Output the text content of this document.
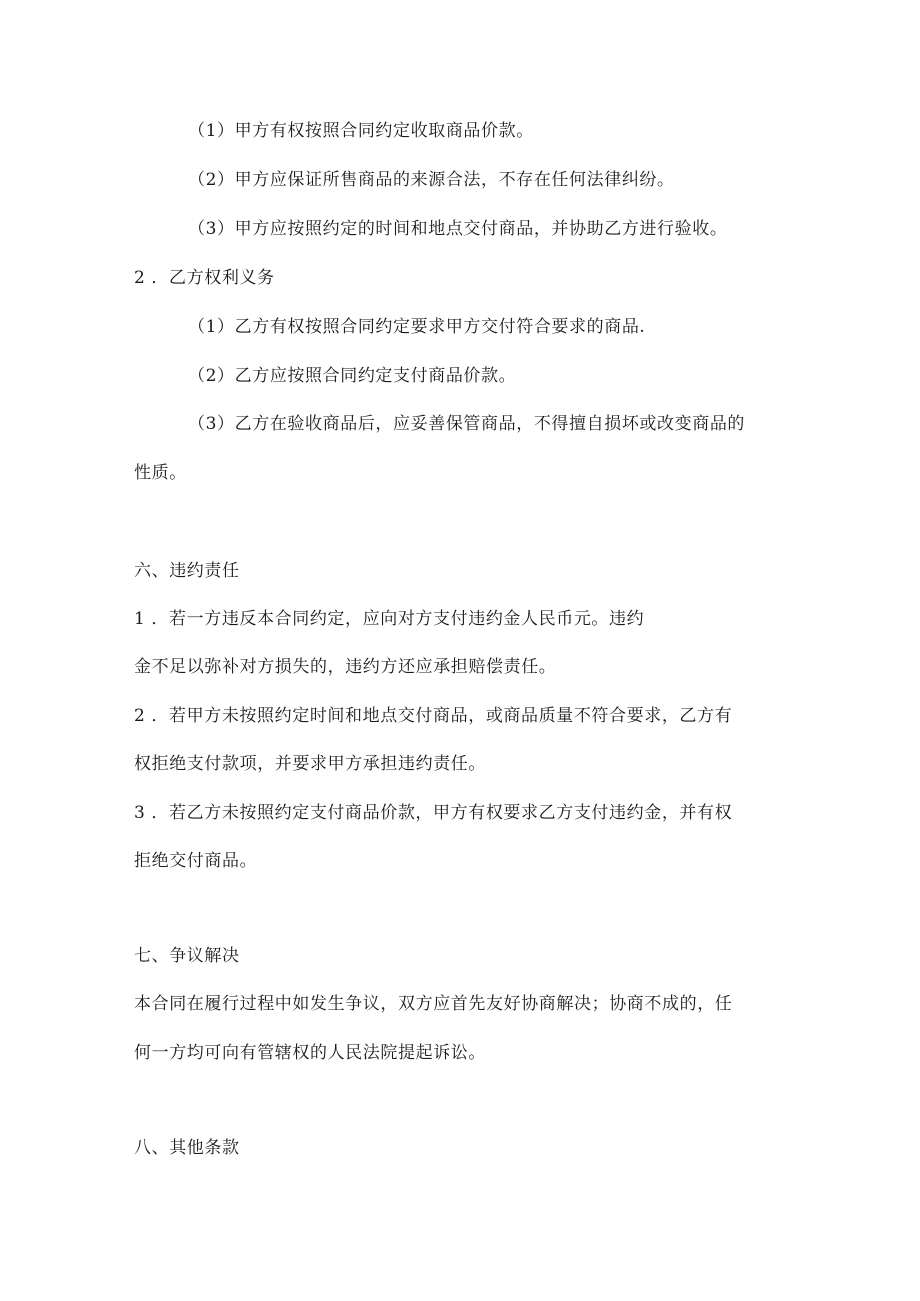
（1）甲方有权按照合同约定收取商品价款。
（2）甲方应保证所售商品的来源合法，不存在任何法律纠纷。
（3）甲方应按照约定的时间和地点交付商品，并协助乙方进行验收。
2 ．乙方权利义务
（1）乙方有权按照合同约定要求甲方交付符合要求的商品.
（2）乙方应按照合同约定支付商品价款。
（3）乙方在验收商品后，应妥善保管商品，不得擅自损坏或改变商品的
性质。
六、违约责任
1 ．若一方违反本合同约定，应向对方支付违约金人民币元。违约
金不足以弥补对方损失的，违约方还应承担赔偿责任。
2 ．若甲方未按照约定时间和地点交付商品，或商品质量不符合要求，乙方有
权拒绝支付款项，并要求甲方承担违约责任。
3 ．若乙方未按照约定支付商品价款，甲方有权要求乙方支付违约金，并有权
拒绝交付商品。
七、争议解决
本合同在履行过程中如发生争议，双方应首先友好协商解决；协商不成的，任
何一方均可向有管辖权的人民法院提起诉讼。
八、其他条款
